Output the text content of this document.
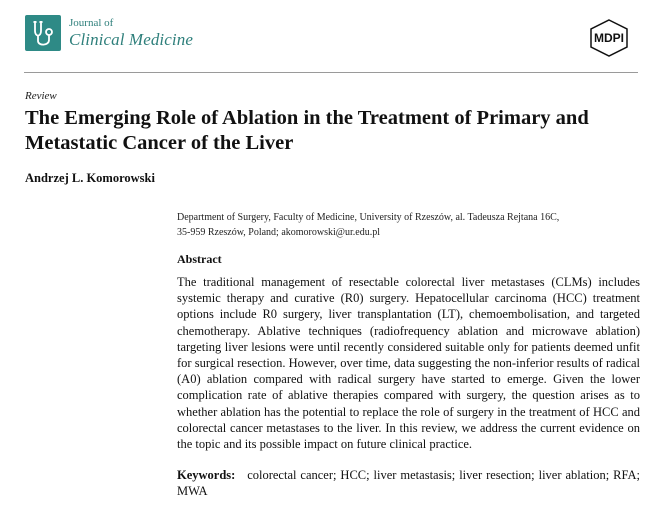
Journal of
Clinical Medicine	MDPI
Review
The Emerging Role of Ablation in the Treatment of Primary and Metastatic Cancer of the Liver
Andrzej L. Komorowski
Department of Surgery, Faculty of Medicine, University of Rzeszów, al. Tadeusza Rejtana 16C,
35-959 Rzeszów, Poland; akomorowski@ur.edu.pl
Abstract
The traditional management of resectable colorectal liver metastases (CLMs) includes systemic therapy and curative (R0) surgery. Hepatocellular carcinoma (HCC) treatment options include R0 surgery, liver transplantation (LT), chemoembolisation, and targeted chemotherapy. Ablative techniques (radiofrequency ablation and microwave ablation) targeting liver lesions were until recently considered suitable only for patients deemed unfit for surgical resection. However, over time, data suggesting the non-inferior results of radical (A0) ablation compared with radical surgery have started to emerge. Given the lower complication rate of ablative therapies compared with surgery, the question arises as to whether ablation has the potential to replace the role of surgery in the treatment of HCC and colorectal cancer metastases to the liver. In this review, we address the current evidence on the topic and its possible impact on future clinical practice.
Keywords:   colorectal cancer; HCC; liver metastasis; liver resection; liver ablation; RFA; MWA
